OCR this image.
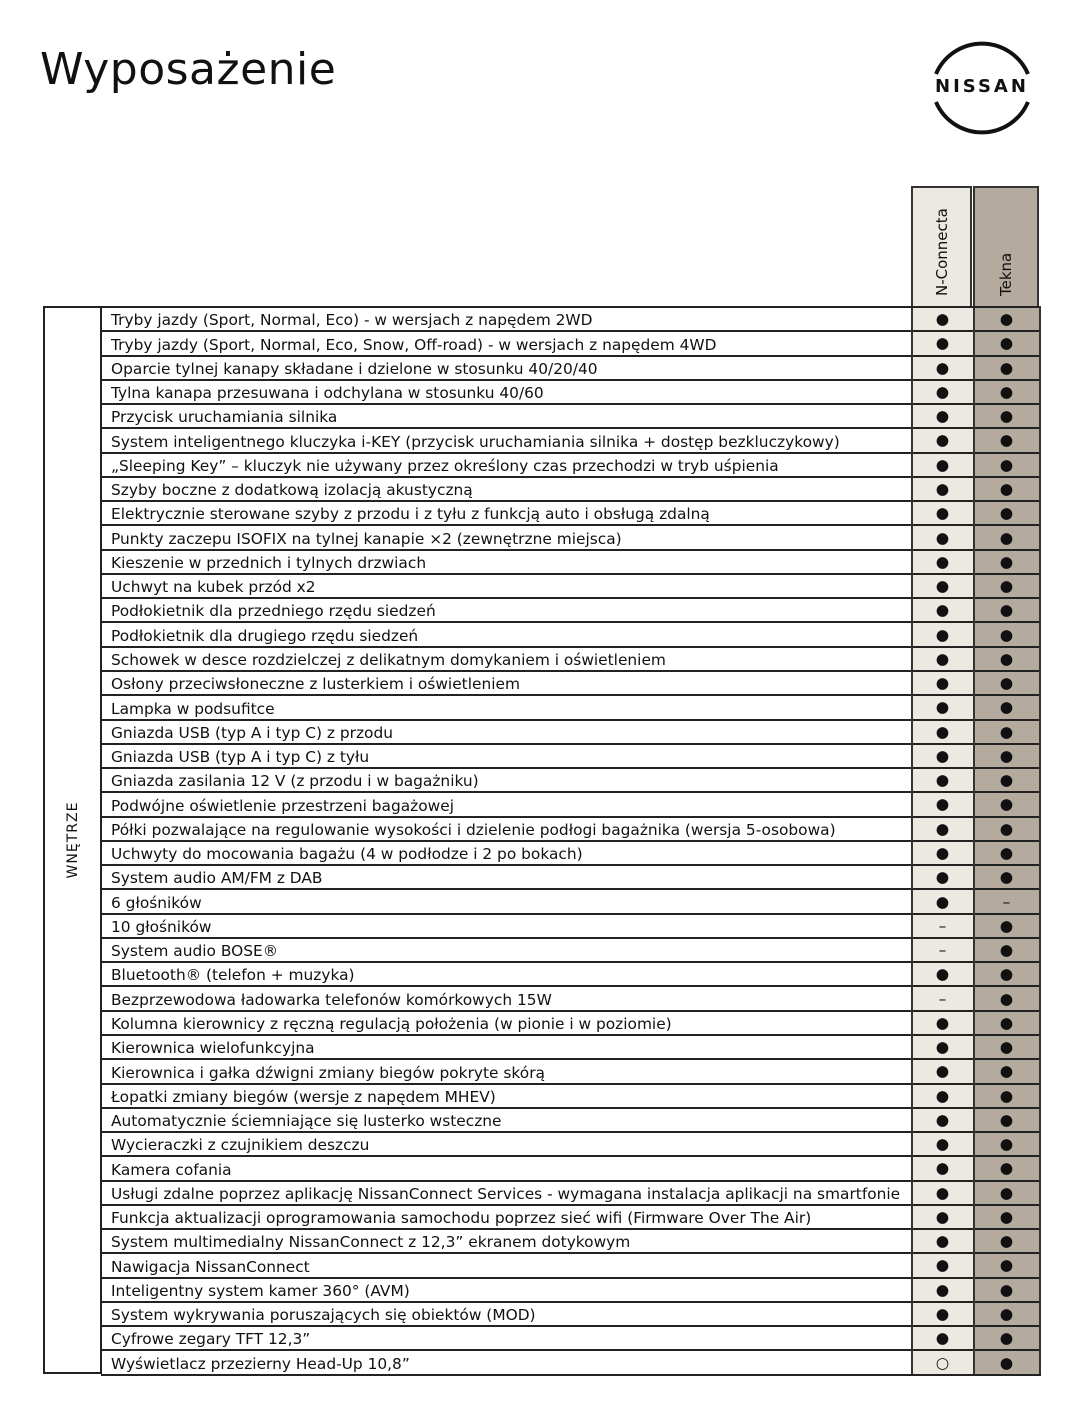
Wyposażenie	NISSAN
N-Connecta	Tekna
WNĘTRZE
Tryby jazdy (Sport, Normal, Eco) - w wersjach z napędem 2WD	●	●
Tryby jazdy (Sport, Normal, Eco, Snow, Off-road) - w wersjach z napędem 4WD	●	●
Oparcie tylnej kanapy składane i dzielone w stosunku 40/20/40	●	●
Tylna kanapa przesuwana i odchylana w stosunku 40/60	●	●
Przycisk uruchamiania silnika	●	●
System inteligentnego kluczyka i-KEY (przycisk uruchamiania silnika + dostęp bezkluczykowy)	●	●
„Sleeping Key” – kluczyk nie używany przez określony czas przechodzi w tryb uśpienia	●	●
Szyby boczne z dodatkową izolacją akustyczną	●	●
Elektrycznie sterowane szyby z przodu i z tyłu z funkcją auto i obsługą zdalną	●	●
Punkty zaczepu ISOFIX na tylnej kanapie ×2 (zewnętrzne miejsca)	●	●
Kieszenie w przednich i tylnych drzwiach	●	●
Uchwyt na kubek przód x2	●	●
Podłokietnik dla przedniego rzędu siedzeń	●	●
Podłokietnik dla drugiego rzędu siedzeń	●	●
Schowek w desce rozdzielczej z delikatnym domykaniem i oświetleniem	●	●
Osłony przeciwsłoneczne z lusterkiem i oświetleniem	●	●
Lampka w podsufitce	●	●
Gniazda USB (typ A i typ C) z przodu	●	●
Gniazda USB (typ A i typ C) z tyłu	●	●
Gniazda zasilania 12 V (z przodu i w bagażniku)	●	●
Podwójne oświetlenie przestrzeni bagażowej	●	●
Półki pozwalające na regulowanie wysokości i dzielenie podłogi bagażnika (wersja 5-osobowa)	●	●
Uchwyty do mocowania bagażu (4 w podłodze i 2 po bokach)	●	●
System audio AM/FM z DAB	●	●
6 głośników	●	–
10 głośników	–	●
System audio BOSE®	–	●
Bluetooth® (telefon + muzyka)	●	●
Bezprzewodowa ładowarka telefonów komórkowych 15W	–	●
Kolumna kierownicy z ręczną regulacją położenia (w pionie i w poziomie)	●	●
Kierownica wielofunkcyjna	●	●
Kierownica i gałka dźwigni zmiany biegów pokryte skórą	●	●
Łopatki zmiany biegów (wersje z napędem MHEV)	●	●
Automatycznie ściemniające się lusterko wsteczne	●	●
Wycieraczki z czujnikiem deszczu	●	●
Kamera cofania	●	●
Usługi zdalne poprzez aplikację NissanConnect Services - wymagana instalacja aplikacji na smartfonie	●	●
Funkcja aktualizacji oprogramowania samochodu poprzez sieć wifi (Firmware Over The Air)	●	●
System multimedialny NissanConnect z 12,3” ekranem dotykowym	●	●
Nawigacja NissanConnect	●	●
Inteligentny system kamer 360° (AVM)	●	●
System wykrywania poruszających się obiektów (MOD)	●	●
Cyfrowe zegary TFT 12,3”	●	●
Wyświetlacz przezierny Head-Up 10,8”	○	●
